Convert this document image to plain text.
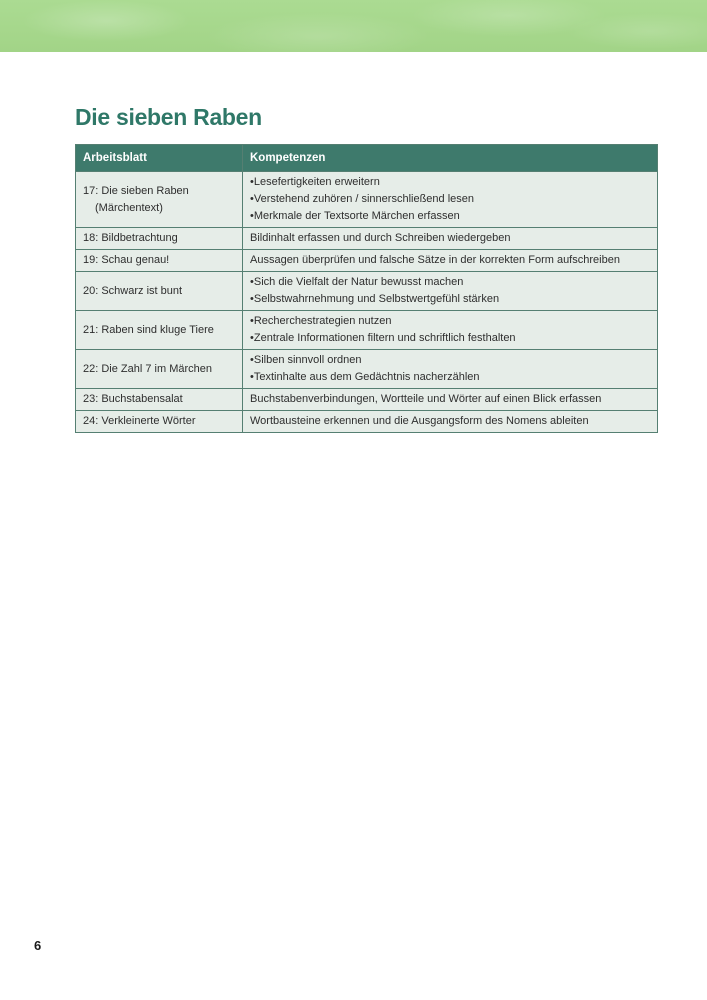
Die sieben Raben
Arbeitsblatt	Kompetenzen

17: Die sieben Raben
(Märchentext)

• Lesefertigkeiten erweitern
• Verstehend zuhören / sinnerschließend lesen
• Merkmale der Textsorte Märchen erfassen

18: Bildbetrachtung	Bildinhalt erfassen und durch Schreiben wiedergeben

19: Schau genau!	Aussagen überprüfen und falsche Sätze in der korrekten Form aufschreiben

20: Schwarz ist bunt	• Sich die Vielfalt der Natur bewusst machen
• Selbstwahrnehmung und Selbstwertgefühl stärken

21: Raben sind kluge Tiere	• Recherchestrategien nutzen
• Zentrale Informationen filtern und schriftlich festhalten

22: Die Zahl 7 im Märchen	• Silben sinnvoll ordnen
• Textinhalte aus dem Gedächtnis nacherzählen

23: Buchstabensalat	Buchstabenverbindungen, Wortteile und Wörter auf einen Blick erfassen

24: Verkleinerte Wörter	Wortbausteine erkennen und die Ausgangsform des Nomens ableiten
6
